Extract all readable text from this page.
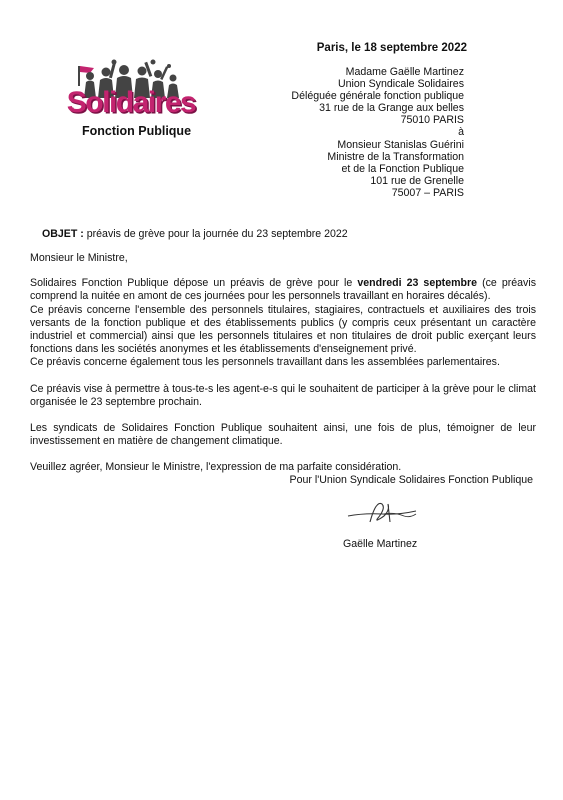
Solidaires
Fonction Publique
Paris, le 18 septembre 2022
Madame Gaëlle Martinez
Union Syndicale Solidaires
Déléguée générale fonction publique
31 rue de la Grange aux belles
75010 PARIS
à
Monsieur Stanislas Guérini
Ministre de la Transformation
et de la Fonction Publique
101 rue de Grenelle
75007 – PARIS
OBJET : préavis de grève pour la journée du 23 septembre 2022

Monsieur le Ministre,

Solidaires Fonction Publique dépose un préavis de grève pour le vendredi 23 septembre (ce préavis comprend la nuitée en amont de ces journées pour les personnels travaillant en horaires décalés).

Ce préavis concerne l'ensemble des personnels titulaires, stagiaires, contractuels et auxiliaires des trois versants de la fonction publique et des établissements publics (y compris ceux présentant un caractère industriel et commercial) ainsi que les personnels titulaires et non titulaires de droit public exerçant leurs fonctions dans les sociétés anonymes et les établissements d'enseignement privé.

Ce préavis concerne également tous les personnels travaillant dans les assemblées parlementaires.

Ce préavis vise à permettre à tous-te-s les agent-e-s qui le souhaitent de participer à la grève pour le climat organisée le 23 septembre prochain.

Les syndicats de Solidaires Fonction Publique souhaitent ainsi, une fois de plus, témoigner de leur investissement en matière de changement climatique.

Veuillez agréer, Monsieur le Ministre, l'expression de ma parfaite considération.

Pour l'Union Syndicale Solidaires Fonction Publique
Gaëlle Martinez
